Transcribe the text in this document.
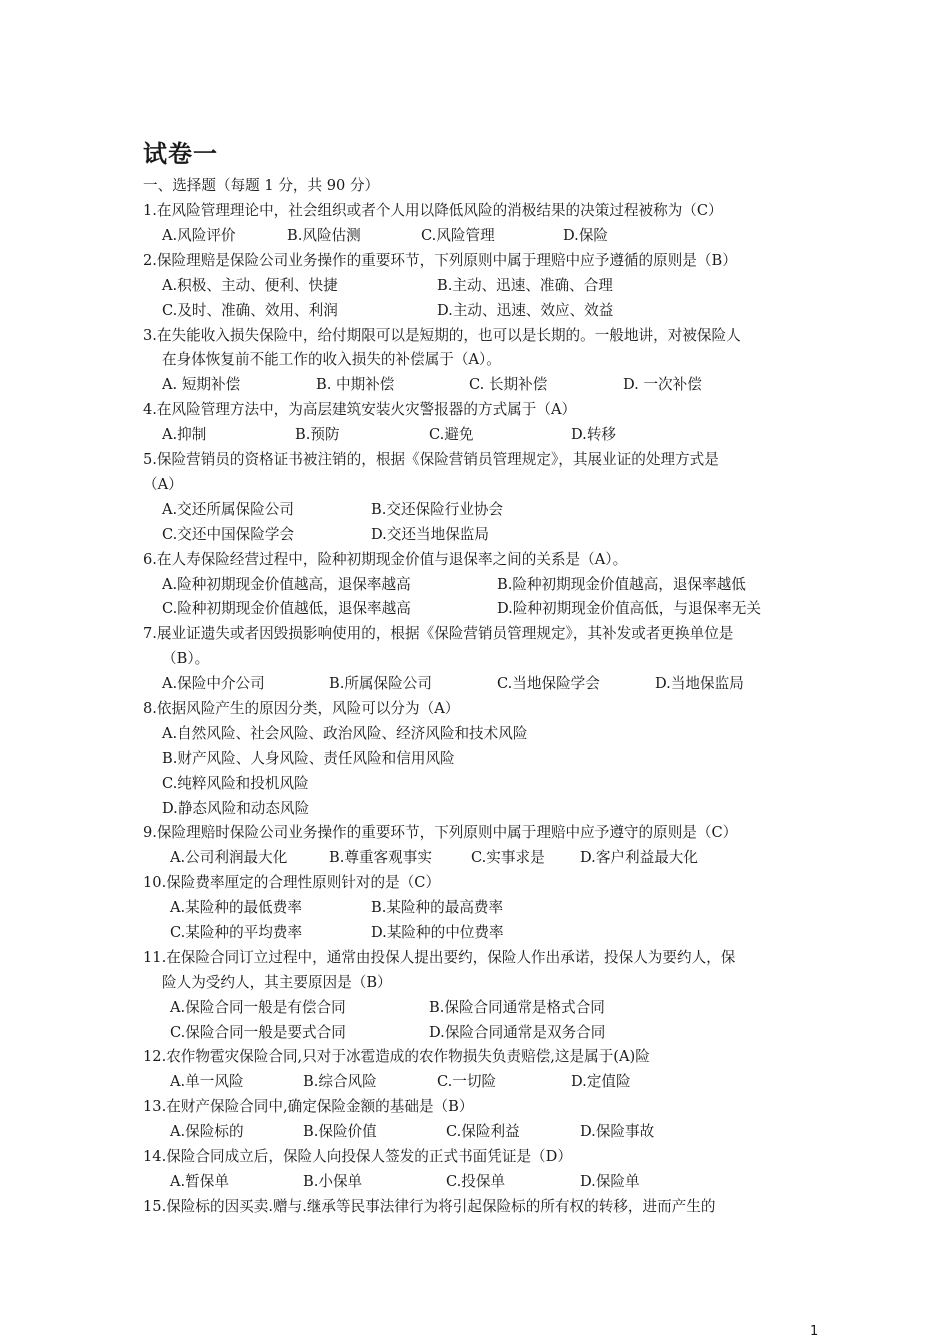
试卷一
一、选择题（每题 1 分，共 90 分）
1.在风险管理理论中，社会组织或者个人用以降低风险的消极结果的决策过程被称为（C）
A.风险评价	B.风险估测	C.风险管理	D.保险
2.保险理赔是保险公司业务操作的重要环节，下列原则中属于理赔中应予遵循的原则是（B）
A.积极、主动、便利、快捷	B.主动、迅速、准确、合理
C.及时、准确、效用、利润	D.主动、迅速、效应、效益
3.在失能收入损失保险中，给付期限可以是短期的，也可以是长期的。一般地讲，对被保险人
在身体恢复前不能工作的收入损失的补偿属于（A）。
A. 短期补偿	B. 中期补偿	C. 长期补偿	D. 一次补偿
4.在风险管理方法中，为高层建筑安装火灾警报器的方式属于（A）
A.抑制	B.预防	C.避免	D.转移
5.保险营销员的资格证书被注销的，根据《保险营销员管理规定》，其展业证的处理方式是
（A）
A.交还所属保险公司	B.交还保险行业协会
C.交还中国保险学会	D.交还当地保监局
6.在人寿保险经营过程中，险种初期现金价值与退保率之间的关系是（A）。
A.险种初期现金价值越高，退保率越高	B.险种初期现金价值越高，退保率越低
C.险种初期现金价值越低，退保率越高	D.险种初期现金价值高低，与退保率无关
7.展业证遗失或者因毁损影响使用的，根据《保险营销员管理规定》，其补发或者更换单位是
（B）。
A.保险中介公司	B.所属保险公司	C.当地保险学会	D.当地保监局
8.依据风险产生的原因分类，风险可以分为（A）
A.自然风险、社会风险、政治风险、经济风险和技术风险
B.财产风险、人身风险、责任风险和信用风险
C.纯粹风险和投机风险
D.静态风险和动态风险
9.保险理赔时保险公司业务操作的重要环节，下列原则中属于理赔中应予遵守的原则是（C）
A.公司利润最大化	B.尊重客观事实	C.实事求是 D.客户利益最大化
10.保险费率厘定的合理性原则针对的是（C）
A.某险种的最低费率	B.某险种的最高费率
C.某险种的平均费率	D.某险种的中位费率
11.在保险合同订立过程中，通常由投保人提出要约，保险人作出承诺，投保人为要约人，保
险人为受约人，其主要原因是（B）
A.保险合同一般是有偿合同	B.保险合同通常是格式合同
C.保险合同一般是要式合同	D.保险合同通常是双务合同
12.农作物雹灾保险合同,只对于冰雹造成的农作物损失负责赔偿,这是属于(A)险
A.单一风险	B.综合风险	C.一切险	D.定值险
13.在财产保险合同中,确定保险金额的基础是（B）
A.保险标的	B.保险价值	C.保险利益	D.保险事故
14.保险合同成立后，保险人向投保人签发的正式书面凭证是（D）
A.暂保单	B.小保单	C.投保单	D.保险单
15.保险标的因买卖.赠与.继承等民事法律行为将引起保险标的所有权的转移，进而产生的
1
